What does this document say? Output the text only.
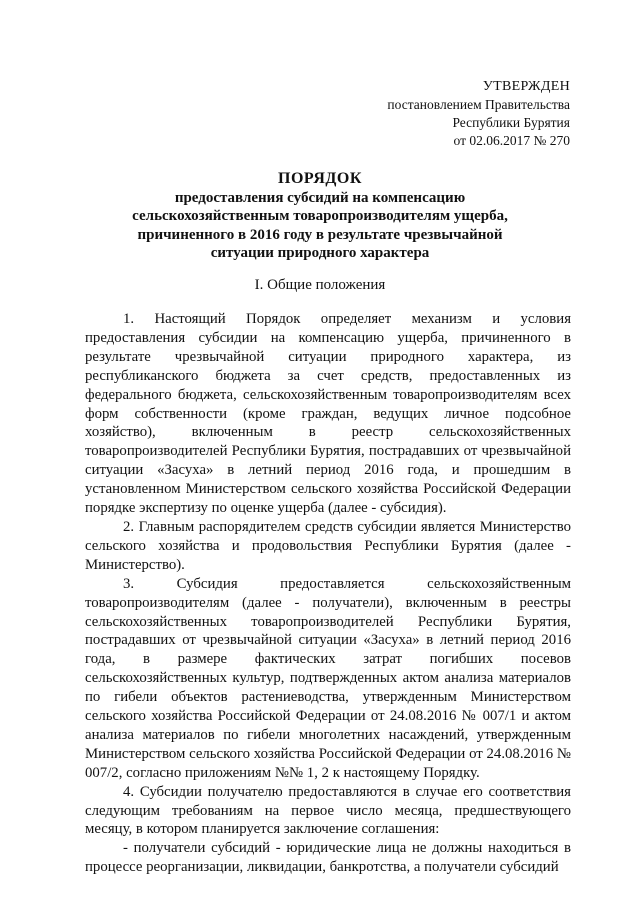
УТВЕРЖДЕН
постановлением Правительства
Республики Бурятия
от 02.06.2017 № 270
ПОРЯДОК
предоставления субсидий на компенсацию
сельскохозяйственным товаропроизводителям ущерба,
причиненного в 2016 году в результате чрезвычайной
ситуации природного характера
I. Общие положения

1. Настоящий Порядок определяет механизм и условия предоставления субсидии на компенсацию ущерба, причиненного в результате чрезвычайной ситуации природного характера, из республиканского бюджета за счет средств, предоставленных из федерального бюджета, сельскохозяйственным товаропроизводителям всех форм собственности (кроме граждан, ведущих личное подсобное хозяйство), включенным в реестр сельскохозяйственных товаропроизводителей Республики Бурятия, пострадавших от чрезвычайной ситуации «Засуха» в летний период 2016 года, и прошедшим в установленном Министерством сельского хозяйства Российской Федерации порядке экспертизу по оценке ущерба (далее - субсидия).

2. Главным распорядителем средств субсидии является Министерство сельского хозяйства и продовольствия Республики Бурятия (далее - Министерство).

3. Субсидия предоставляется сельскохозяйственным товаропроизводителям (далее - получатели), включенным в реестры сельскохозяйственных товаропроизводителей Республики Бурятия, пострадавших от чрезвычайной ситуации «Засуха» в летний период 2016 года, в размере фактических затрат погибших посевов сельскохозяйственных культур, подтвержденных актом анализа материалов по гибели объектов растениеводства, утвержденным Министерством сельского хозяйства Российской Федерации от 24.08.2016 № 007/1 и актом анализа материалов по гибели многолетних насаждений, утвержденным Министерством сельского хозяйства Российской Федерации от 24.08.2016 № 007/2, согласно приложениям №№ 1, 2 к настоящему Порядку.

4. Субсидии получателю предоставляются в случае его соответствия следующим требованиям на первое число месяца, предшествующего месяцу, в котором планируется заключение соглашения:

- получатели субсидий - юридические лица не должны находиться в процессе реорганизации, ликвидации, банкротства, а получатели субсидий
